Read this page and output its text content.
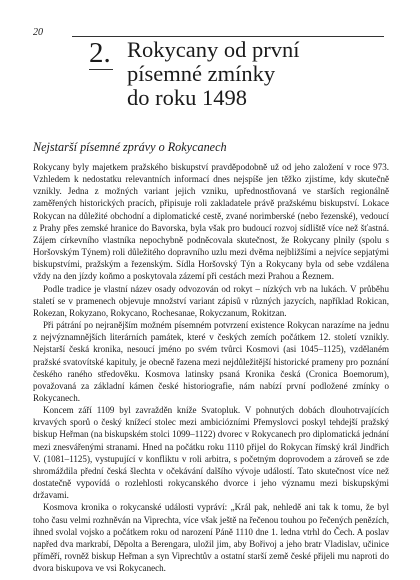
20
2. Rokycany od první
písemné zmínky
do roku 1498
Nejstarší písemné zprávy o Rokycanech

Rokycany byly majetkem pražského biskupství pravděpodobně už od jeho založení v roce 973. Vzhledem k nedostatku relevantních informací dnes nejspíše jen těžko zjistíme, kdy skutečně vznikly. Jedna z možných variant jejich vzniku, upřednostňovaná ve starších regionálně zaměřených historických pracích, připisuje roli zakladatele právě pražskému biskupství. Lokace Rokycan na důležité obchodní a diplomatické cestě, zvané norimberské (nebo řezenské), vedoucí z Prahy přes zemské hranice do Bavorska, byla však pro budoucí rozvoj sídliště více než šťastná. Zájem církevního vlastníka nepochybně podněcovala skutečnost, že Rokycany plnily (spolu s Horšovským Týnem) roli důležitého dopravního uzlu mezi dvěma nejbližšími a nejvíce sepjatými biskupstvími, pražským a řezenským. Sídla Horšovský Týn a Rokycany byla od sebe vzdálena vždy na den jízdy koňmo a poskytovala zázemí při cestách mezi Prahou a Řeznem.

Podle tradice je vlastní název osady odvozován od rokyt – nízkých vrb na lukách. V průběhu staletí se v pramenech objevuje množství variant zápisů v různých jazycích, například Rokican, Rokezan, Rokyzano, Rokycano, Rochesanae, Rokyczanum, Rokitzan.

Při pátrání po nejranějším možném písemném potvrzení existence Rokycan narazíme na jednu z nejvýznamnějších literárních památek, které v českých zemích počátkem 12. století vznikly. Nejstarší česká kronika, nesoucí jméno po svém tvůrci Kosmovi (asi 1045–1125), vzdělaném pražské svatovítské kapitulу, je obecně řazena mezi nejdůležitější historické prameny pro poznání českého raného středověku. Kosmova latinsky psaná Kronika česká (Cronica Boemorum), považovaná za základní kámen české historiografie, nám nabízí první podložené zmínky o Rokycanech.

Koncem září 1109 byl zavražděn kníže Svatopluk. V pohnutých dobách dlouhotrvajících krvavých sporů o český knížecí stolec mezi ambiciózními Přemyslovci poskyl tehdejší pražský biskup Heřman (na biskupském stolci 1099–1122) dvorec v Rokycanech pro diplomatická jednání mezi znesvářenými stranami. Hned na počátku roku 1110 přijel do Rokycan římský král Jindřich V. (1081–1125), vystupující v konfliktu v roli arbitra, s početným doprovodem a zároveň se zde shromáždila přední česká šlechta v očekávání dalšího vývoje událostí. Tato skutečnost více než dostatečně vypovídá o rozlehlosti rokycanského dvorce i jeho významu mezi biskupskými državami.

Kosmova kronika o rokycanské události vypráví: „Král pak, nehledě ani tak k tomu, že byl toho času velmi rozhněván na Viprechta, více však ještě na řečenou touhou po řečených penězích, ihned svolal vojsko a počátkem roku od narození Páně 1110 dne 1. ledna vtrhl do Čech. A poslav napřed dva markrabí, Děpolta a Berengara, uložil jim, aby Bořivoj a jeho bratr Vladislav, učinice příměří, rovněž biskup Heřman a syn Viprechtův a ostatní starší země české přijeli mu naproti do dvora biskupova ve vsi Rokycanech.
